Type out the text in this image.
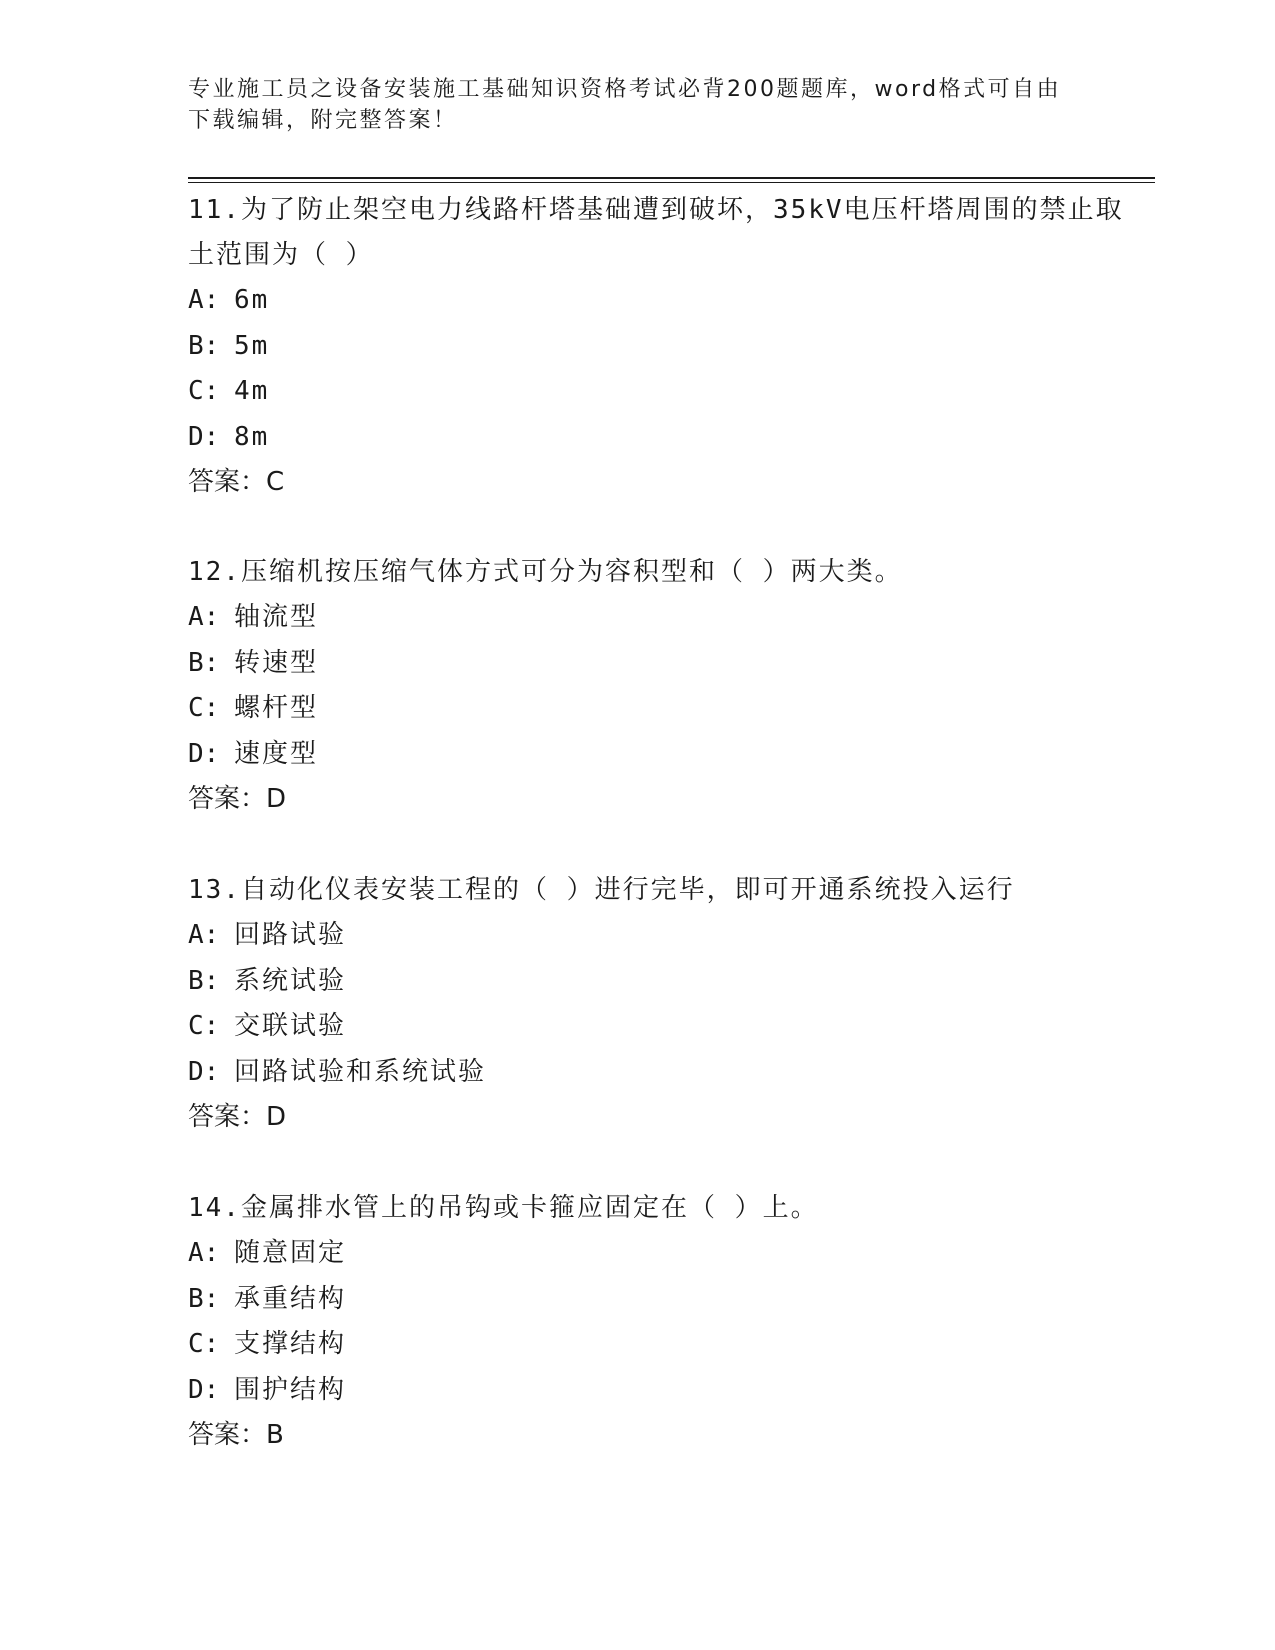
专业施工员之设备安装施工基础知识资格考试必背200题题库，word格式可自由
下载编辑，附完整答案！

11.为了防止架空电力线路杆塔基础遭到破坏，35kV电压杆塔周围的禁止取土范围为（ ）

A: 6m

B: 5m

C: 4m

D: 8m

答案：C

12.压缩机按压缩气体方式可分为容积型和（ ）两大类。

A: 轴流型

B: 转速型

C: 螺杆型

D: 速度型

答案：D

13.自动化仪表安装工程的（ ）进行完毕，即可开通系统投入运行

A: 回路试验

B: 系统试验

C: 交联试验

D: 回路试验和系统试验

答案：D

14.金属排水管上的吊钩或卡箍应固定在（ ）上。

A: 随意固定

B: 承重结构

C: 支撑结构

D: 围护结构

答案：B
